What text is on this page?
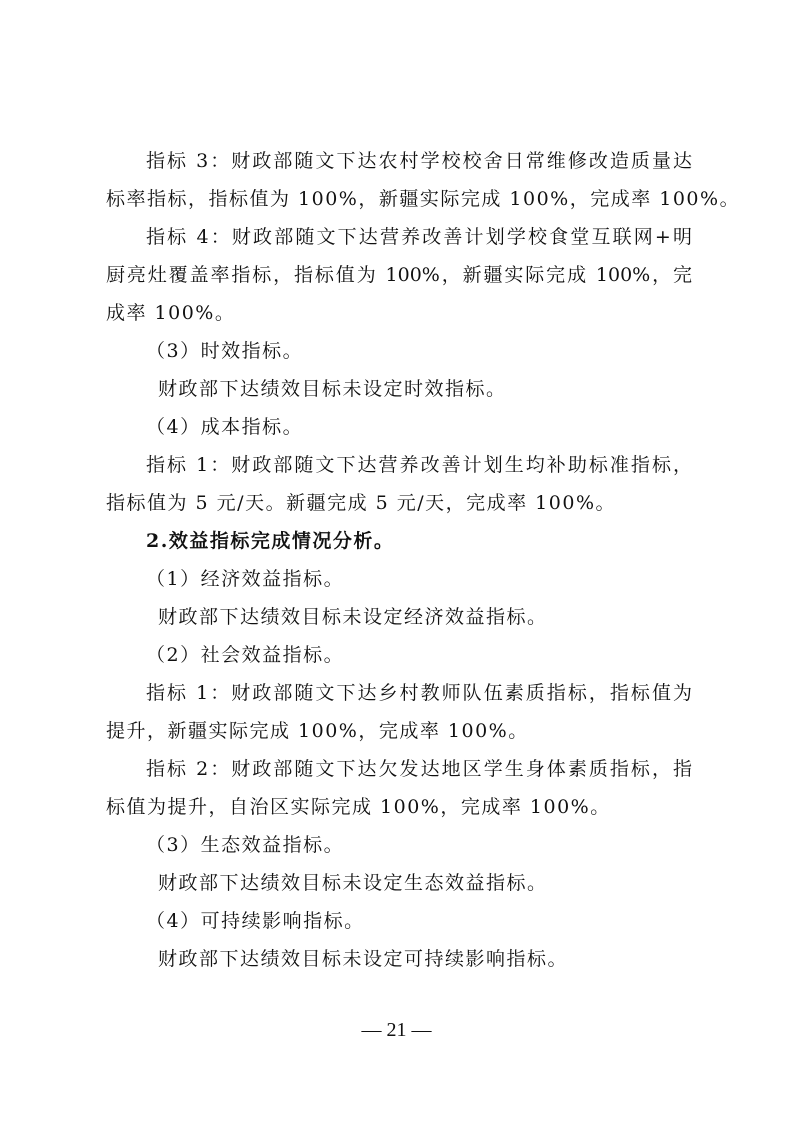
指标 3：财政部随文下达农村学校校舍日常维修改造质量达
标率指标，指标值为 100%，新疆实际完成 100%，完成率 100%。
指标 4：财政部随文下达营养改善计划学校食堂互联网+明
厨亮灶覆盖率指标，指标值为 100%，新疆实际完成 100%，完
成率 100%。
（3）时效指标。
财政部下达绩效目标未设定时效指标。
（4）成本指标。
指标 1：财政部随文下达营养改善计划生均补助标准指标，
指标值为 5 元/天。新疆完成 5 元/天，完成率 100%。
2.效益指标完成情况分析。
（1）经济效益指标。
财政部下达绩效目标未设定经济效益指标。
（2）社会效益指标。
指标 1：财政部随文下达乡村教师队伍素质指标，指标值为
提升，新疆实际完成 100%，完成率 100%。
指标 2：财政部随文下达欠发达地区学生身体素质指标，指
标值为提升，自治区实际完成 100%，完成率 100%。
（3）生态效益指标。
财政部下达绩效目标未设定生态效益指标。
（4）可持续影响指标。
财政部下达绩效目标未设定可持续影响指标。
— 21 —
